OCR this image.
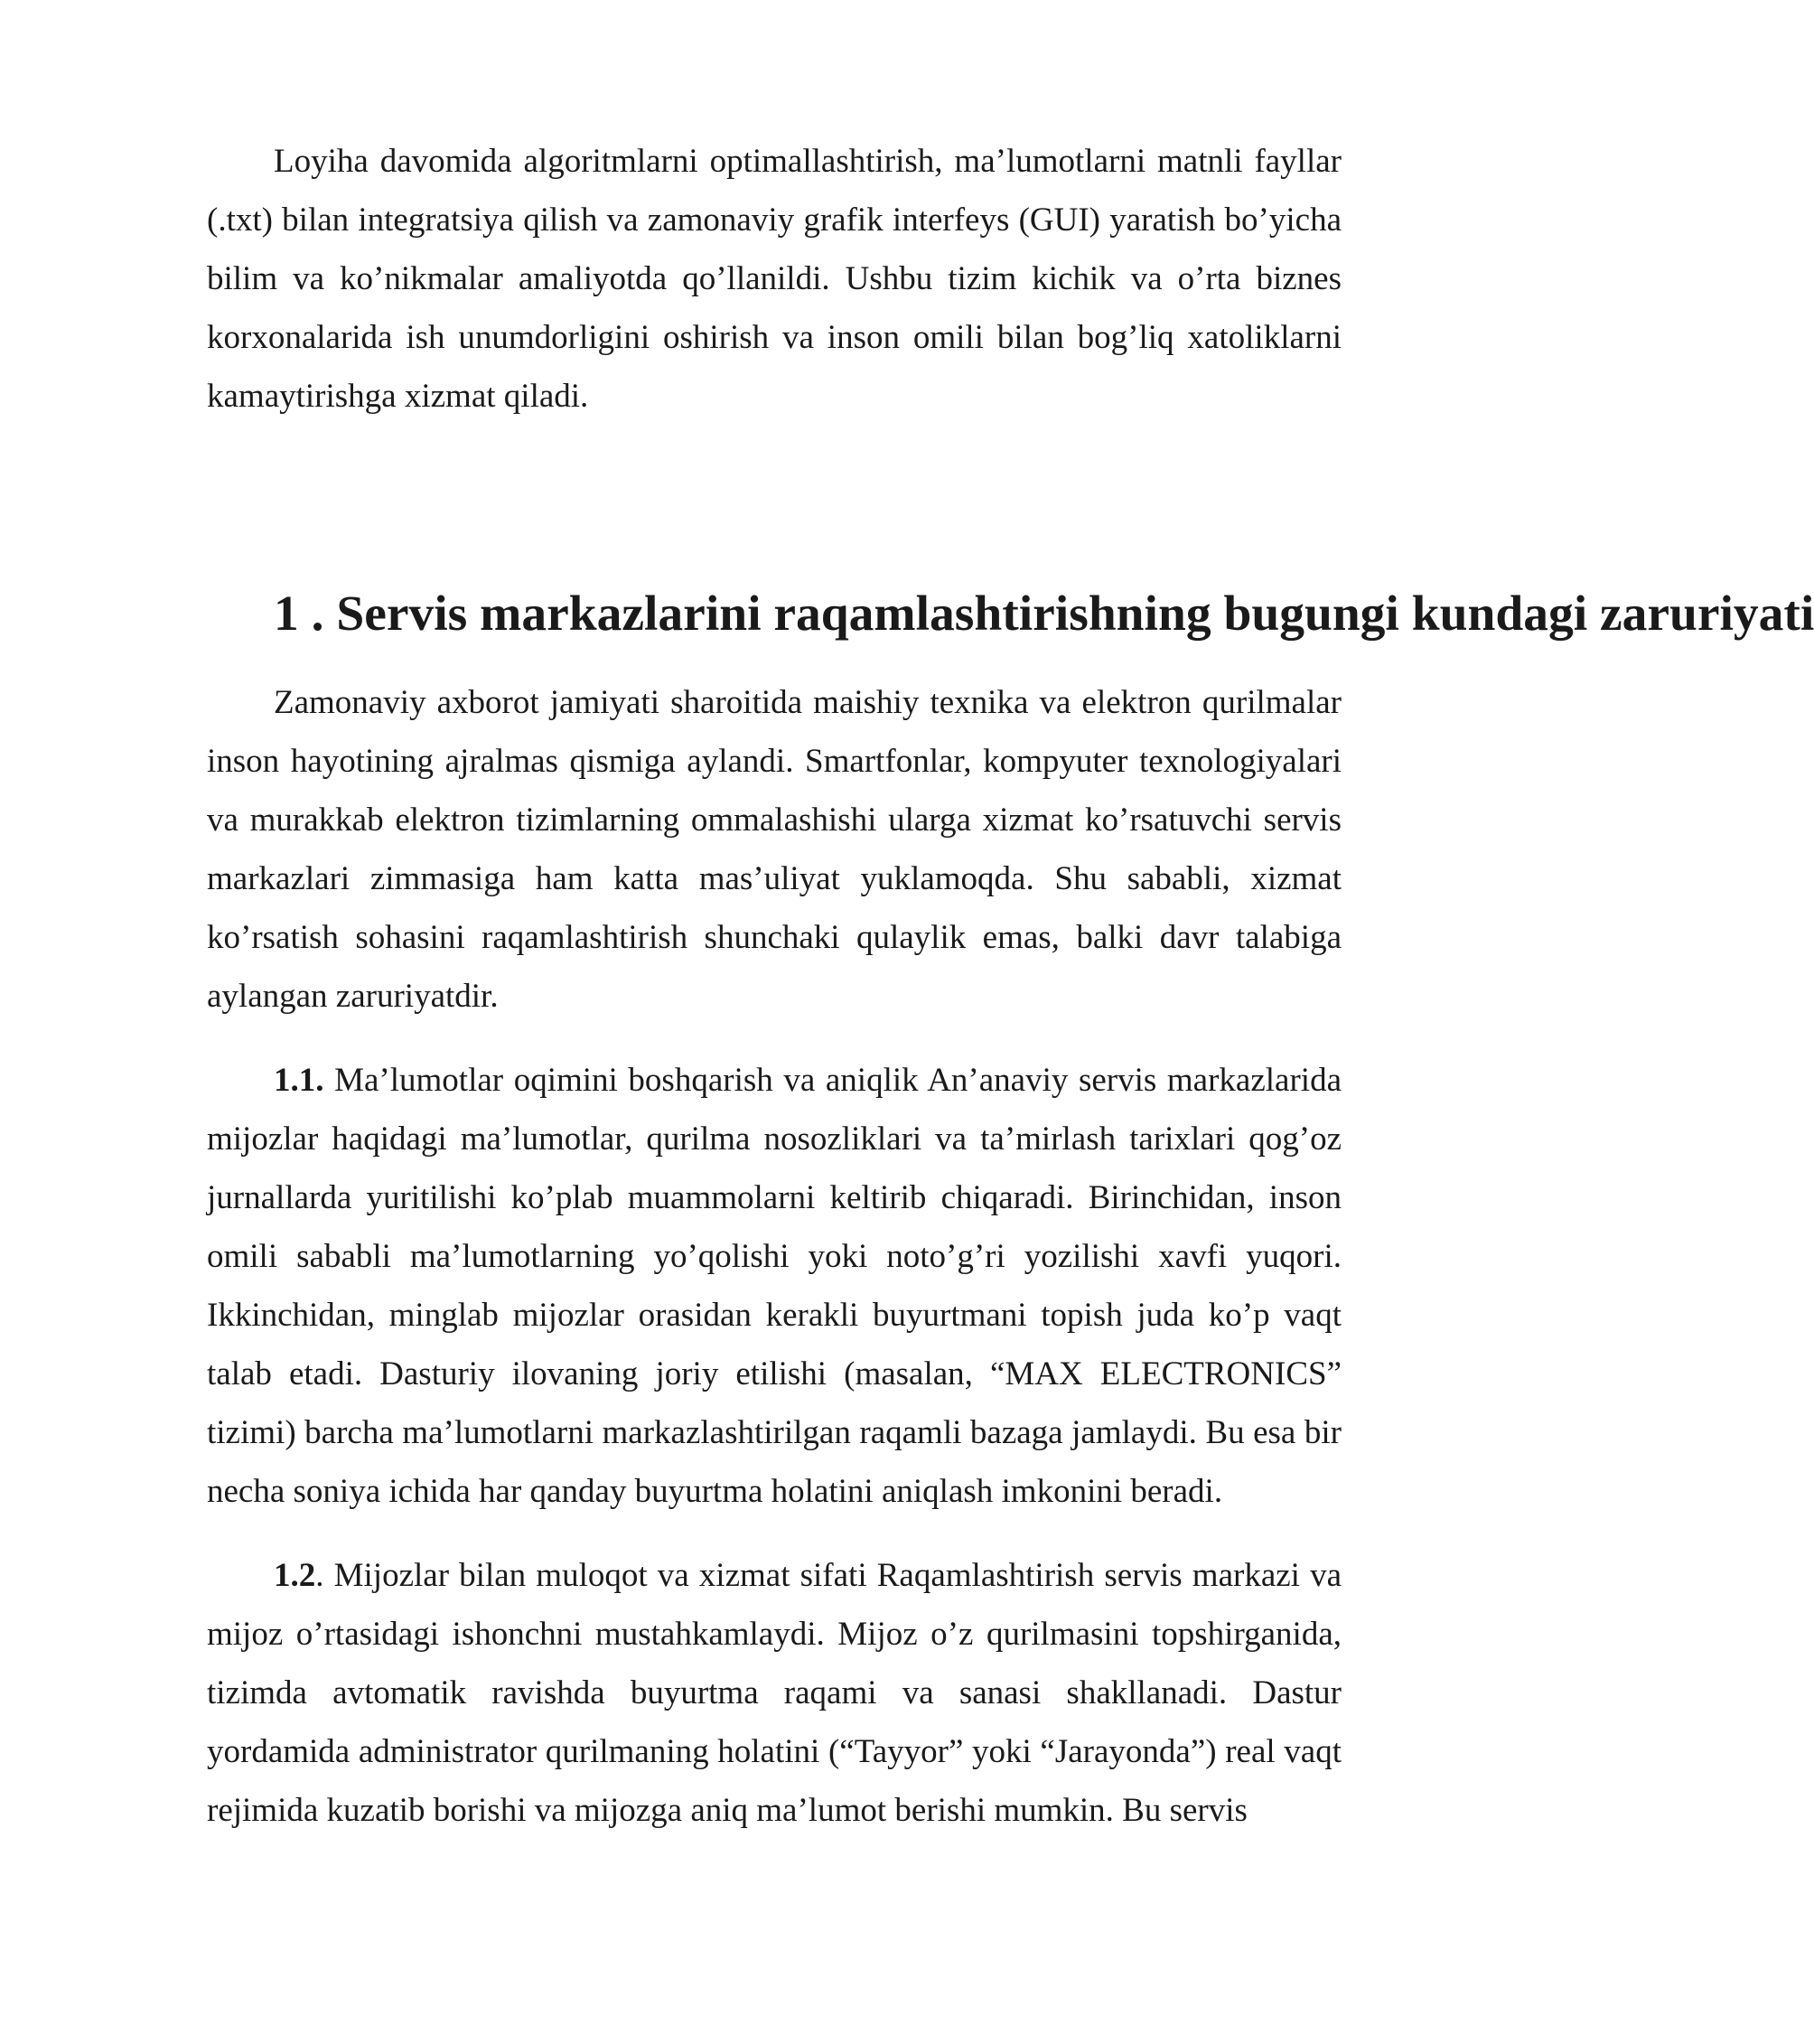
Loyiha davomida algoritmlarni optimallashtirish, ma’lumotlarni matnli fayllar (.txt) bilan integratsiya qilish va zamonaviy grafik interfeys (GUI) yaratish bo’yicha bilim va ko’nikmalar amaliyotda qo’llanildi. Ushbu tizim kichik va o’rta biznes korxonalarida ish unumdorligini oshirish va inson omili bilan bog’liq xatoliklarni kamaytirishga xizmat qiladi.

1 . Servis markazlarini raqamlashtirishning bugungi kundagi zaruriyati

Zamonaviy axborot jamiyati sharoitida maishiy texnika va elektron qurilmalar inson hayotining ajralmas qismiga aylandi. Smartfonlar, kompyuter texnologiyalari va murakkab elektron tizimlarning ommalashishi ularga xizmat ko’rsatuvchi servis markazlari zimmasiga ham katta mas’uliyat yuklamoqda. Shu sababli, xizmat ko’rsatish sohasini raqamlashtirish shunchaki qulaylik emas, balki davr talabiga aylangan zaruriyatdir.

1.1. Ma’lumotlar oqimini boshqarish va aniqlik An’anaviy servis markazlarida mijozlar haqidagi ma’lumotlar, qurilma nosozliklari va ta’mirlash tarixlari qog’oz jurnallarda yuritilishi ko’plab muammolarni keltirib chiqaradi. Birinchidan, inson omili sababli ma’lumotlarning yo’qolishi yoki noto’g’ri yozilishi xavfi yuqori. Ikkinchidan, minglab mijozlar orasidan kerakli buyurtmani topish juda ko’p vaqt talab etadi. Dasturiy ilovaning joriy etilishi (masalan, “MAX ELECTRONICS” tizimi) barcha ma’lumotlarni markazlashtirilgan raqamli bazaga jamlaydi. Bu esa bir necha soniya ichida har qanday buyurtma holatini aniqlash imkonini beradi.

1.2. Mijozlar bilan muloqot va xizmat sifati Raqamlashtirish servis markazi va mijoz o’rtasidagi ishonchni mustahkamlaydi. Mijoz o’z qurilmasini topshirganida, tizimda avtomatik ravishda buyurtma raqami va sanasi shakllanadi. Dastur yordamida administrator qurilmaning holatini (“Tayyor” yoki “Jarayonda”) real vaqt rejimida kuzatib borishi va mijozga aniq ma’lumot berishi mumkin. Bu servis
